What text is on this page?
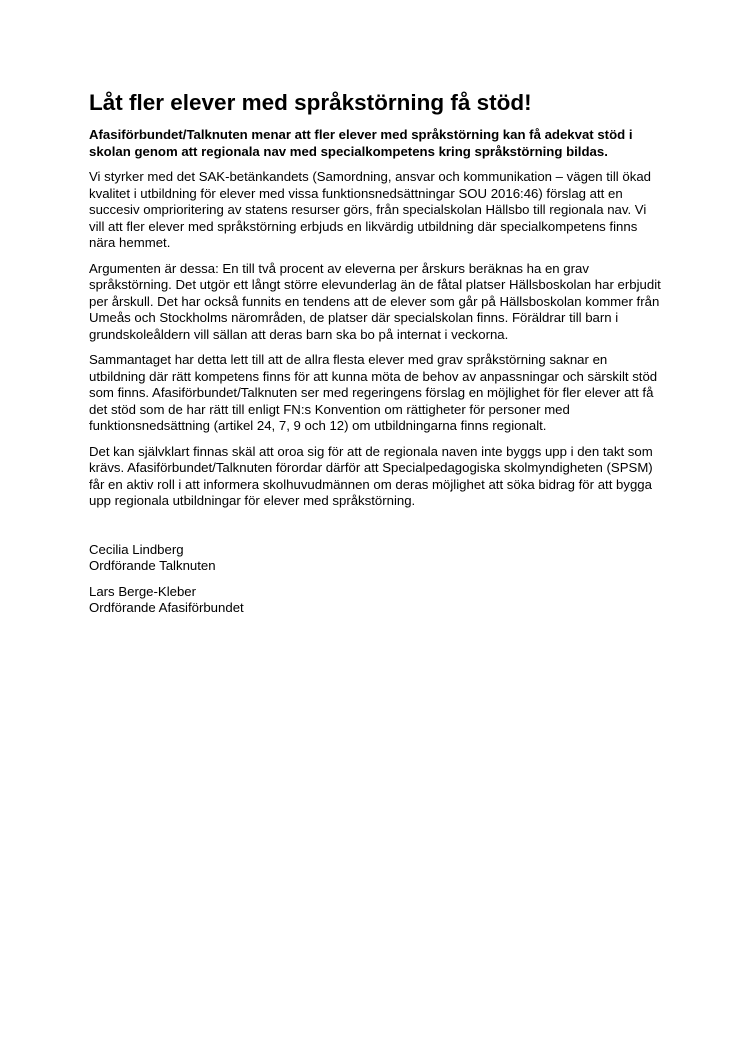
Låt fler elever med språkstörning få stöd!

Afasiförbundet/Talknuten menar att fler elever med språkstörning kan få adekvat stöd i skolan genom att regionala nav med specialkompetens kring språkstörning bildas.

Vi styrker med det SAK-betänkandets (Samordning, ansvar och kommunikation – vägen till ökad kvalitet i utbildning för elever med vissa funktionsnedsättningar SOU 2016:46) förslag att en succesiv omprioritering av statens resurser görs, från specialskolan Hällsbo till regionala nav. Vi vill att fler elever med språkstörning erbjuds en likvärdig utbildning där specialkompetens finns nära hemmet.

Argumenten är dessa: En till två procent av eleverna per årskurs beräknas ha en grav språkstörning. Det utgör ett långt större elevunderlag än de fåtal platser Hällsboskolan har erbjudit per årskull. Det har också funnits en tendens att de elever som går på Hällsboskolan kommer från Umeås och Stockholms närområden, de platser där specialskolan finns. Föräldrar till barn i grundskoleåldern vill sällan att deras barn ska bo på internat i veckorna.

Sammantaget har detta lett till att de allra flesta elever med grav språkstörning saknar en utbildning där rätt kompetens finns för att kunna möta de behov av anpassningar och särskilt stöd som finns. Afasiförbundet/Talknuten ser med regeringens förslag en möjlighet för fler elever att få det stöd som de har rätt till enligt FN:s Konvention om rättigheter för personer med funktionsnedsättning (artikel 24, 7, 9 och 12) om utbildningarna finns regionalt.

Det kan självklart finnas skäl att oroa sig för att de regionala naven inte byggs upp i den takt som krävs. Afasiförbundet/Talknuten förordar därför att Specialpedagogiska skolmyndigheten (SPSM) får en aktiv roll i att informera skolhuvudmännen om deras möjlighet att söka bidrag för att bygga upp regionala utbildningar för elever med språkstörning.

Cecilia Lindberg
Ordförande Talknuten
Lars Berge-Kleber
Ordförande Afasiförbundet
